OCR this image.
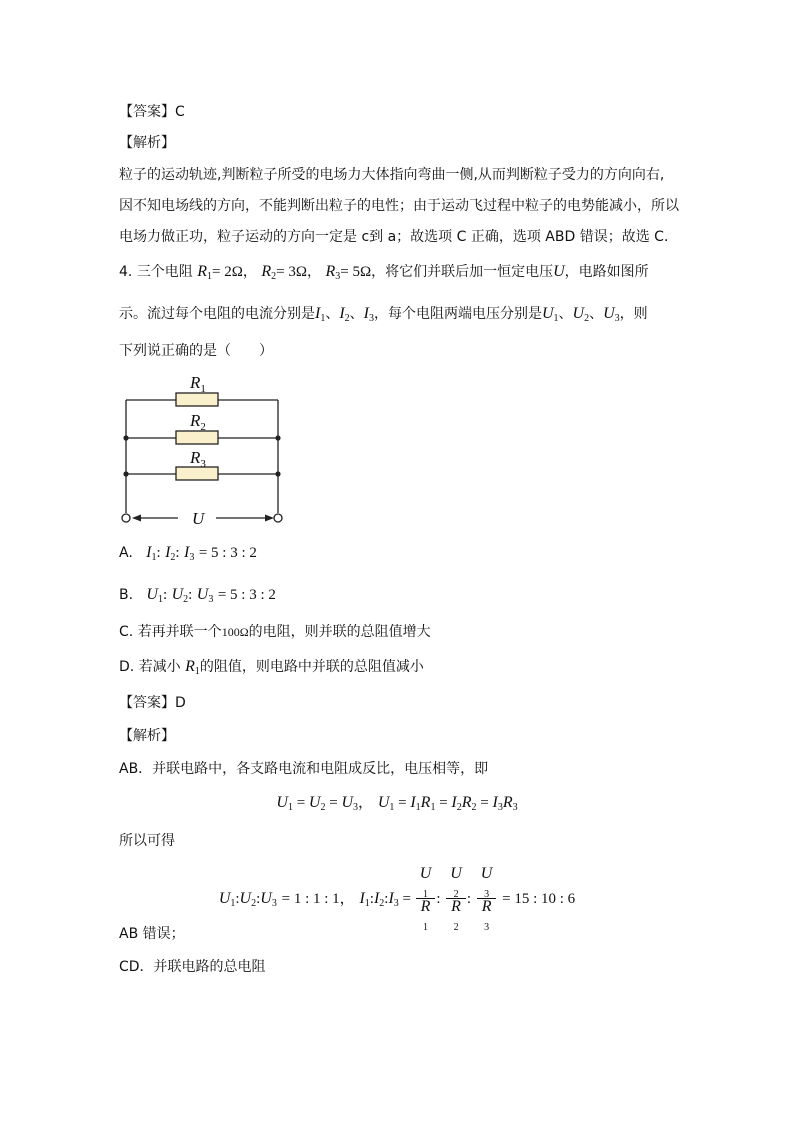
【答案】C
【解析】
粒子的运动轨迹,判断粒子所受的电场力大体指向弯曲一侧,从而判断粒子受力的方向向右,
因不知电场线的方向，不能判断出粒子的电性；由于运动飞过程中粒子的电势能减小，所以
电场力做正功，粒子运动的方向一定是 c到 a；故选项 C 正确，选项 ABD 错误；故选 C．
4. 三个电阻 $R_1= 2\Omega$， $R_2= 3\Omega$， $R_3= 5\Omega$，将它们并联后加一恒定电压U，电路如图所
示。流过每个电阻的电流分别是$I_1$、$I_2$、$I_3$，每个电阻两端电压分别是$U_1$、$U_2$、$U_3$，则
下列说正确的是（　　）
$R_1$
$R_2$
$R_3$
U
A. $I_1$: $I_2$: $I_3 = 5$ : 3 : 2
B. $U_1$: $U_2$: $U_3 = 5$ : 3 : 2
C. 若再并联一个100Ω的电阻，则并联的总阻值增大
D. 若减小 $R_1$的阻值，则电路中并联的总阻值减小
【答案】D
【解析】
AB．并联电路中，各支路电流和电阻成反比，电压相等，即
$U_1 = U_2 = U_3$， $U_1 = I_1R_1 = I_2R_2 = I_3R_3$
所以可得
$U_1:U_2:U_3 = 1$ : 1 : 1， $I_1:I_2:I_3 = U$
$_1$
R
$_1$ : U
$_2$
R
$_2$ : U
$_3$
R
$_3$ = 15 : 10 : 6
AB 错误；
CD．并联电路的总电阻
